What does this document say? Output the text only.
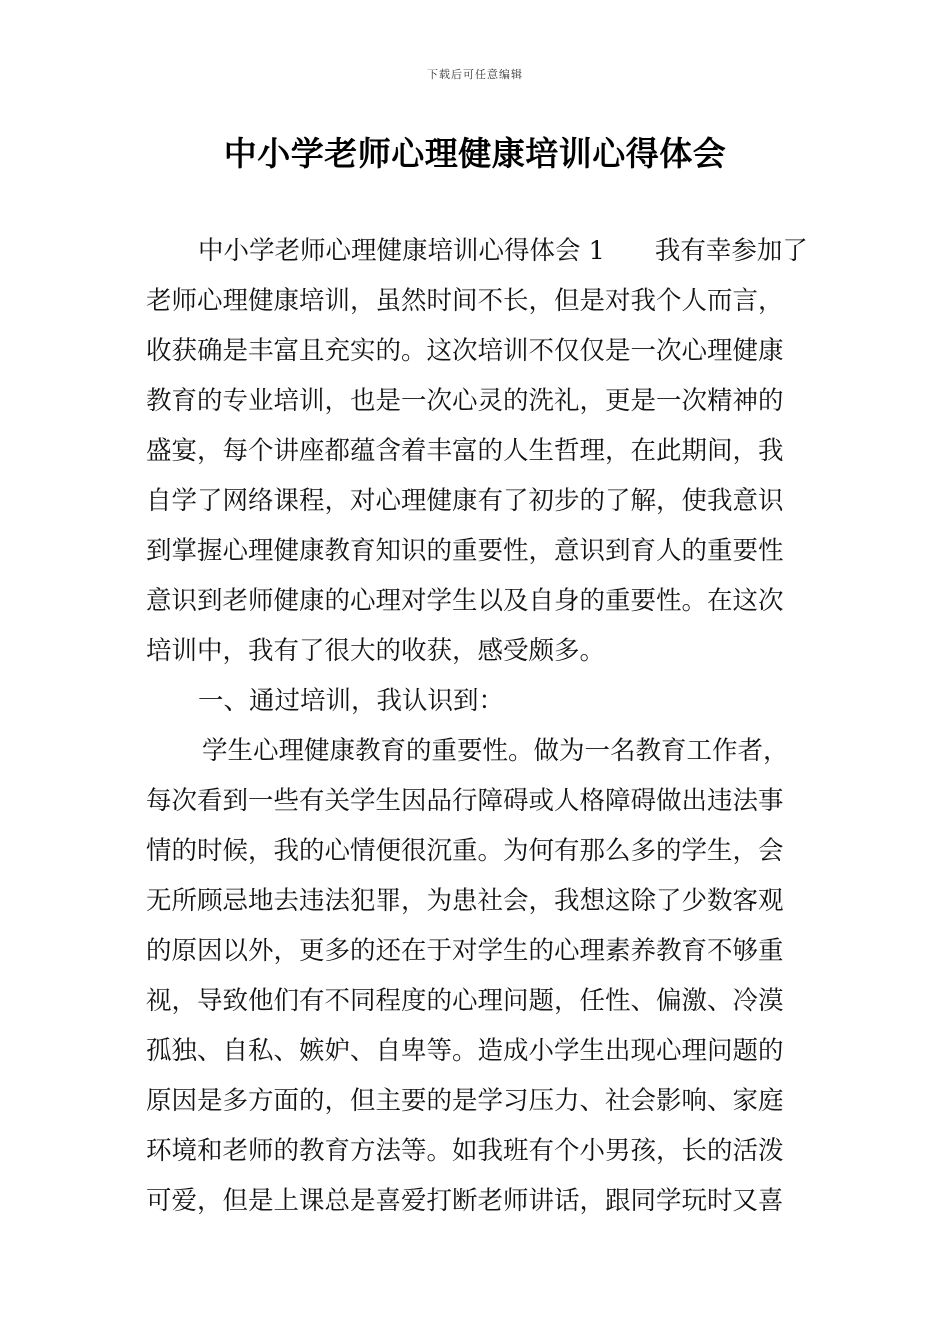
下载后可任意编辑
中小学老师心理健康培训心得体会
中小学老师心理健康培训心得体会 1 我有幸参加了
老师心理健康培训，虽然时间不长，但是对我个人而言，
收获确是丰富且充实的。这次培训不仅仅是一次心理健康
教育的专业培训，也是一次心灵的洗礼，更是一次精神的
盛宴，每个讲座都蕴含着丰富的人生哲理，在此期间，我
自学了网络课程，对心理健康有了初步的了解，使我意识
到掌握心理健康教育知识的重要性，意识到育人的重要性
意识到老师健康的心理对学生以及自身的重要性。在这次
培训中，我有了很大的收获，感受颇多。
一、通过培训，我认识到：
学生心理健康教育的重要性。做为一名教育工作者，
每次看到一些有关学生因品行障碍或人格障碍做出违法事
情的时候，我的心情便很沉重。为何有那么多的学生，会
无所顾忌地去违法犯罪，为患社会，我想这除了少数客观
的原因以外，更多的还在于对学生的心理素养教育不够重
视，导致他们有不同程度的心理问题，任性、偏激、冷漠
孤独、自私、嫉妒、自卑等。造成小学生出现心理问题的
原因是多方面的，但主要的是学习压力、社会影响、家庭
环境和老师的教育方法等。如我班有个小男孩，长的活泼
可爱，但是上课总是喜爱打断老师讲话，跟同学玩时又喜
